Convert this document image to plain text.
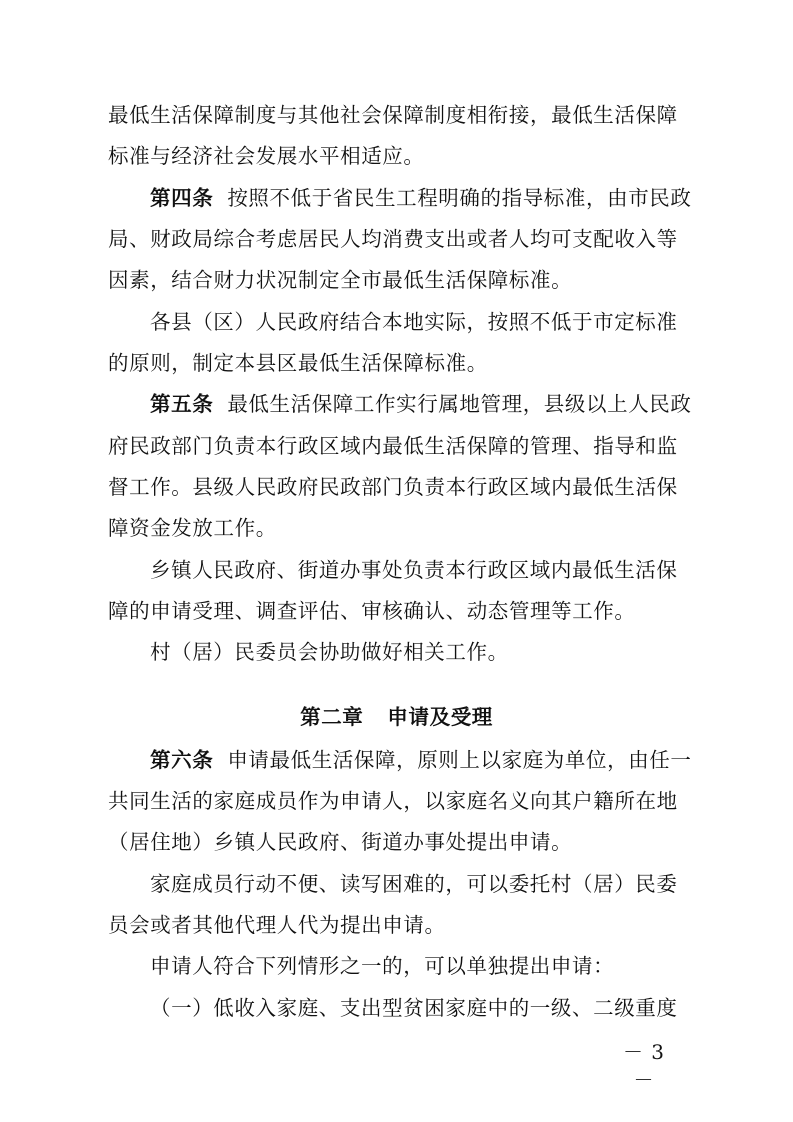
最低生活保障制度与其他社会保障制度相衔接，最低生活保障
标准与经济社会发展水平相适应。
第四条 按照不低于省民生工程明确的指导标准，由市民政
局、财政局综合考虑居民人均消费支出或者人均可支配收入等
因素，结合财力状况制定全市最低生活保障标准。
各县（区）人民政府结合本地实际，按照不低于市定标准
的原则，制定本县区最低生活保障标准。
第五条 最低生活保障工作实行属地管理，县级以上人民政
府民政部门负责本行政区域内最低生活保障的管理、指导和监
督工作。县级人民政府民政部门负责本行政区域内最低生活保
障资金发放工作。
乡镇人民政府、街道办事处负责本行政区域内最低生活保
障的申请受理、调查评估、审核确认、动态管理等工作。
村（居）民委员会协助做好相关工作。
第二章 申请及受理
第六条 申请最低生活保障，原则上以家庭为单位，由任一
共同生活的家庭成员作为申请人，以家庭名义向其户籍所在地
（居住地）乡镇人民政府、街道办事处提出申请。
家庭成员行动不便、读写困难的，可以委托村（居）民委
员会或者其他代理人代为提出申请。
申请人符合下列情形之一的，可以单独提出申请：
（一）低收入家庭、支出型贫困家庭中的一级、二级重度
－ 3 －
